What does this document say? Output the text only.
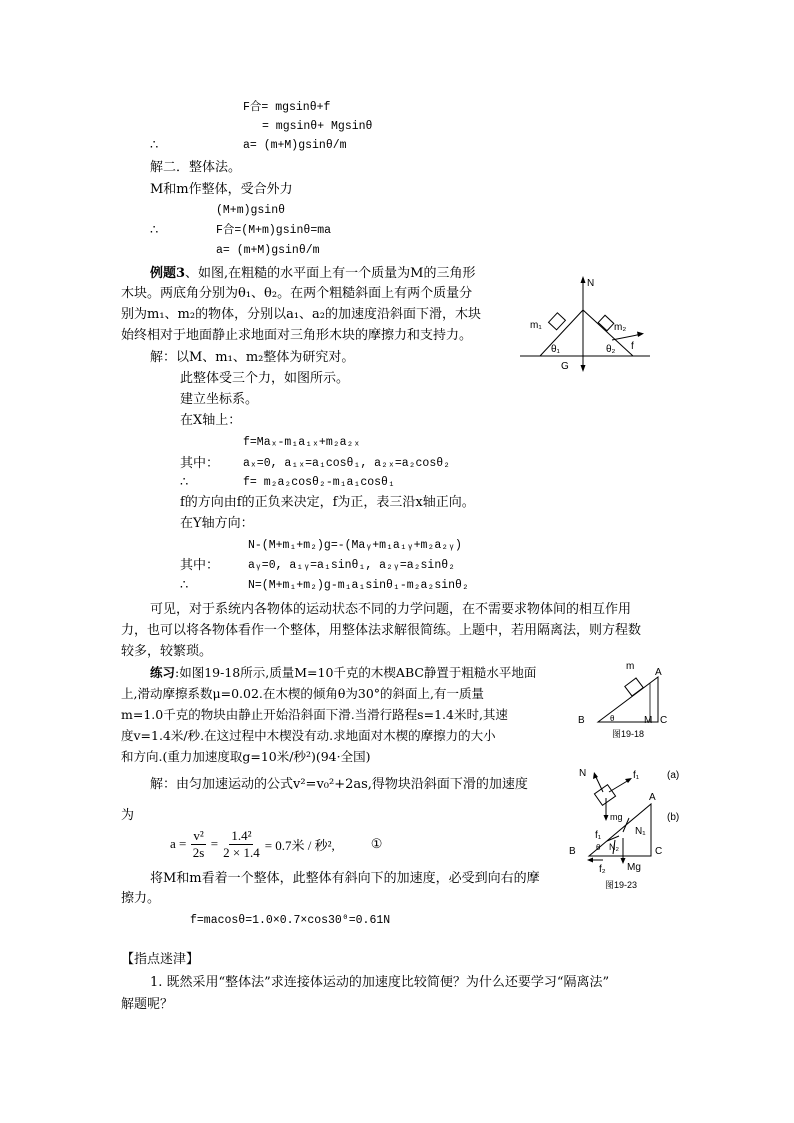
F合= mgsinθ+f
= mgsinθ+ Mgsinθ
∴	a= (m+M)gsinθ/m
解二．整体法。
M和m作整体，受合外力
(M+m)gsinθ
∴	F合=(M+m)gsinθ=ma
a= (m+M)gsinθ/m
例题3、如图,在粗糙的水平面上有一个质量为M的三角形
木块。两底角分别为θ₁、θ₂。在两个粗糙斜面上有两个质量分
别为m₁、m₂的物体，分别以a₁、a₂的加速度沿斜面下滑，木块
始终相对于地面静止求地面对三角形木块的摩擦力和支持力。
N
G
m₁	m₂
f
θ₁	θ₂
解：以M、m₁、m₂整体为研究对。
此整体受三个力，如图所示。
建立坐标系。
在X轴上：
f=Maₓ-m₁a₁ₓ+m₂a₂ₓ
其中： aₓ=0, a₁ₓ=a₁cosθ₁, a₂ₓ=a₂cosθ₂
∴	f= m₂a₂cosθ₂-m₁a₁cosθ₁
f的方向由f的正负来决定，f为正，表三沿x轴正向。
在Y轴方向：
N-(M+m₁+m₂)g=-(Maᵧ+m₁a₁ᵧ+m₂a₂ᵧ)
其中：	aᵧ=0, a₁ᵧ=a₁sinθ₁, a₂ᵧ=a₂sinθ₂
∴	N=(M+m₁+m₂)g-m₁a₁sinθ₁-m₂a₂sinθ₂
可见，对于系统内各物体的运动状态不同的力学问题，在不需要求物体间的相互作用
力，也可以将各物体看作一个整体，用整体法求解很简练。上题中，若用隔离法，则方程数
较多，较繁琐。
练习:如图19-18所示,质量M=10千克的木楔ABC静置于粗糙水平地面
上,滑动摩擦系数μ=0.02.在木楔的倾角θ为30°的斜面上,有一质量
m=1.0千克的物块由静止开始沿斜面下滑.当滑行路程s=1.4米时,其速
度v=1.4米/秒.在这过程中木楔没有动.求地面对木楔的摩擦力的大小
和方向.(重力加速度取g=10米/秒²)(94·全国)
m
A
B	C
M
θ
图19-18
解：由匀加速运动的公式v²=v₀²+2as,得物块沿斜面下滑的加速度
为
$a = \frac{\text{v²}}{2s} = \frac{\text{1.4²}}{2 \times 1.4} = 0.7$米 / 秒²,	①
将M和m看着一个整体，此整体有斜向下的加速度，必受到向右的摩
擦力。
f=macosθ=1.0×0.7×cos30⁰=0.61N
N	f₁	(a)
mg
A
(b)
N₁
f₁
N₂
B	θ	C
f₂ Mg
图19-23
【指点迷津】
1. 既然采用“整体法”求连接体运动的加速度比较简便？为什么还要学习“隔离法”
解题呢？
